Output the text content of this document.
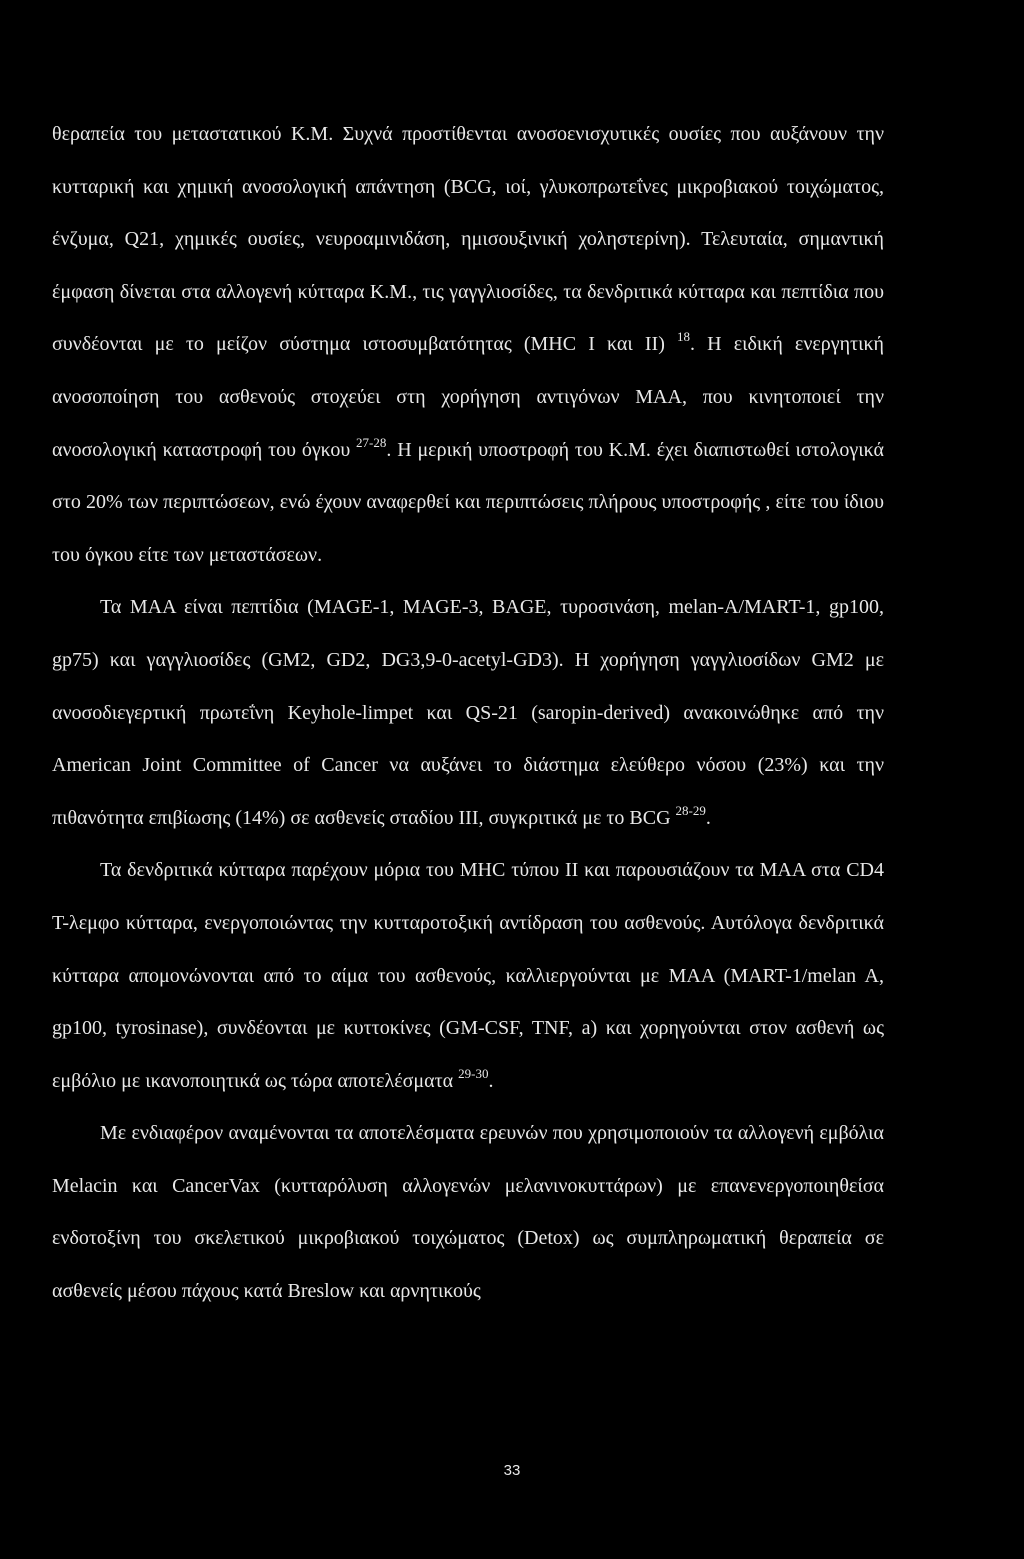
θεραπεία του μεταστατικού Κ.Μ. Συχνά προστίθενται ανοσοενισχυτικές ουσίες που αυξάνουν την κυτταρική και χημική ανοσολογική απάντηση (BCG, ιοί, γλυκοπρωτεΐνες μικροβιακού τοιχώματος, ένζυμα, Q21, χημικές ουσίες, νευροαμινιδάση, ημισουξινική χοληστερίνη). Τελευταία, σημαντική έμφαση δίνεται στα αλλογενή κύτταρα Κ.Μ., τις γαγγλιοσίδες, τα δενδριτικά κύτταρα και πεπτίδια που συνδέονται με το μείζον σύστημα ιστοσυμβατότητας (ΜΗC Ι και ΙΙ) $^{18}$. Η ειδική ενεργητική ανοσοποίηση του ασθενούς στοχεύει στη χορήγηση αντιγόνων ΜΑΑ, που κινητοποιεί την ανοσολογική καταστροφή του όγκου $^{27-28}$. Η μερική υποστροφή του Κ.Μ. έχει διαπιστωθεί ιστολογικά στο 20% των περιπτώσεων, ενώ έχουν αναφερθεί και περιπτώσεις πλήρους υποστροφής , είτε του ίδιου του όγκου είτε των μεταστάσεων.

Τα ΜΑΑ είναι πεπτίδια (MAGE-1, MAGE-3, BAGE, τυροσινάση, melan-A/MART-1, gp100, gp75) και γαγγλιοσίδες (GM2, GD2, DG3,9-0-acetyl-GD3). Η χορήγηση γαγγλιοσίδων GM2 με ανοσοδιεγερτική πρωτεΐνη Keyhole-limpet και QS-21 (saropin-derived) ανακοινώθηκε από την American Joint Committee of Cancer να αυξάνει το διάστημα ελεύθερο νόσου (23%) και την πιθανότητα επιβίωσης (14%) σε ασθενείς σταδίου ΙΙΙ, συγκριτικά με το BCG $^{28-29}$.

Τα δενδριτικά κύτταρα παρέχουν μόρια του MHC τύπου ΙΙ και παρουσιάζουν τα ΜΑΑ στα CD4 Τ-λεμφο κύτταρα, ενεργοποιώντας την κυτταροτοξική αντίδραση του ασθενούς. Αυτόλογα δενδριτικά κύτταρα απομονώνονται από το αίμα του ασθενούς, καλλιεργούνται με ΜΑΑ (MART-1/melan A, gp100, tyrosinase), συνδέονται με κυττοκίνες (GM-CSF, TNF, a) και χορηγούνται στον ασθενή ως εμβόλιο με ικανοποιητικά ως τώρα αποτελέσματα $^{29-30}$.

Με ενδιαφέρον αναμένονται τα αποτελέσματα ερευνών που χρησιμοποιούν τα αλλογενή εμβόλια Melacin και CancerVax (κυτταρόλυση αλλογενών μελανινοκυττάρων) με επανενεργοποιηθείσα ενδοτοξίνη του σκελετικού μικροβιακού τοιχώματος (Detox) ως συμπληρωματική θεραπεία σε ασθενείς μέσου πάχους κατά Breslow και αρνητικούς

33
